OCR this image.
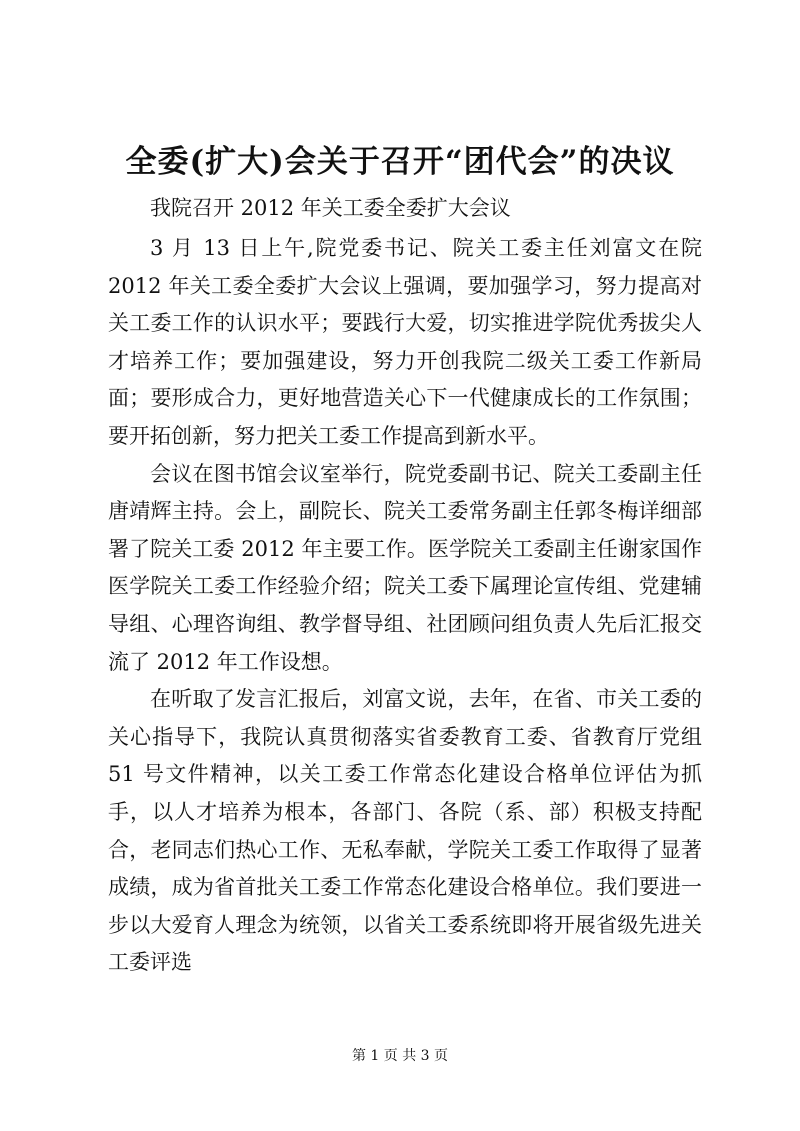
全委(扩大)会关于召开“团代会”的决议

我院召开 2012 年关工委全委扩大会议

3 月 13 日上午,院党委书记、院关工委主任刘富文在院 2012 年关工委全委扩大会议上强调，要加强学习，努力提高对关工委工作的认识水平；要践行大爱，切实推进学院优秀拔尖人才培养工作；要加强建设，努力开创我院二级关工委工作新局面；要形成合力，更好地营造关心下一代健康成长的工作氛围；要开拓创新，努力把关工委工作提高到新水平。

会议在图书馆会议室举行，院党委副书记、院关工委副主任唐靖辉主持。会上，副院长、院关工委常务副主任郭冬梅详细部署了院关工委 2012 年主要工作。医学院关工委副主任谢家国作医学院关工委工作经验介绍；院关工委下属理论宣传组、党建辅导组、心理咨询组、教学督导组、社团顾问组负责人先后汇报交流了 2012 年工作设想。

在听取了发言汇报后，刘富文说，去年，在省、市关工委的关心指导下，我院认真贯彻落实省委教育工委、省教育厅党组 51 号文件精神，以关工委工作常态化建设合格单位评估为抓手，以人才培养为根本，各部门、各院（系、部）积极支持配合，老同志们热心工作、无私奉献，学院关工委工作取得了显著成绩，成为省首批关工委工作常态化建设合格单位。我们要进一步以大爱育人理念为统领，以省关工委系统即将开展省级先进关工委评选

第 1 页 共 3 页
